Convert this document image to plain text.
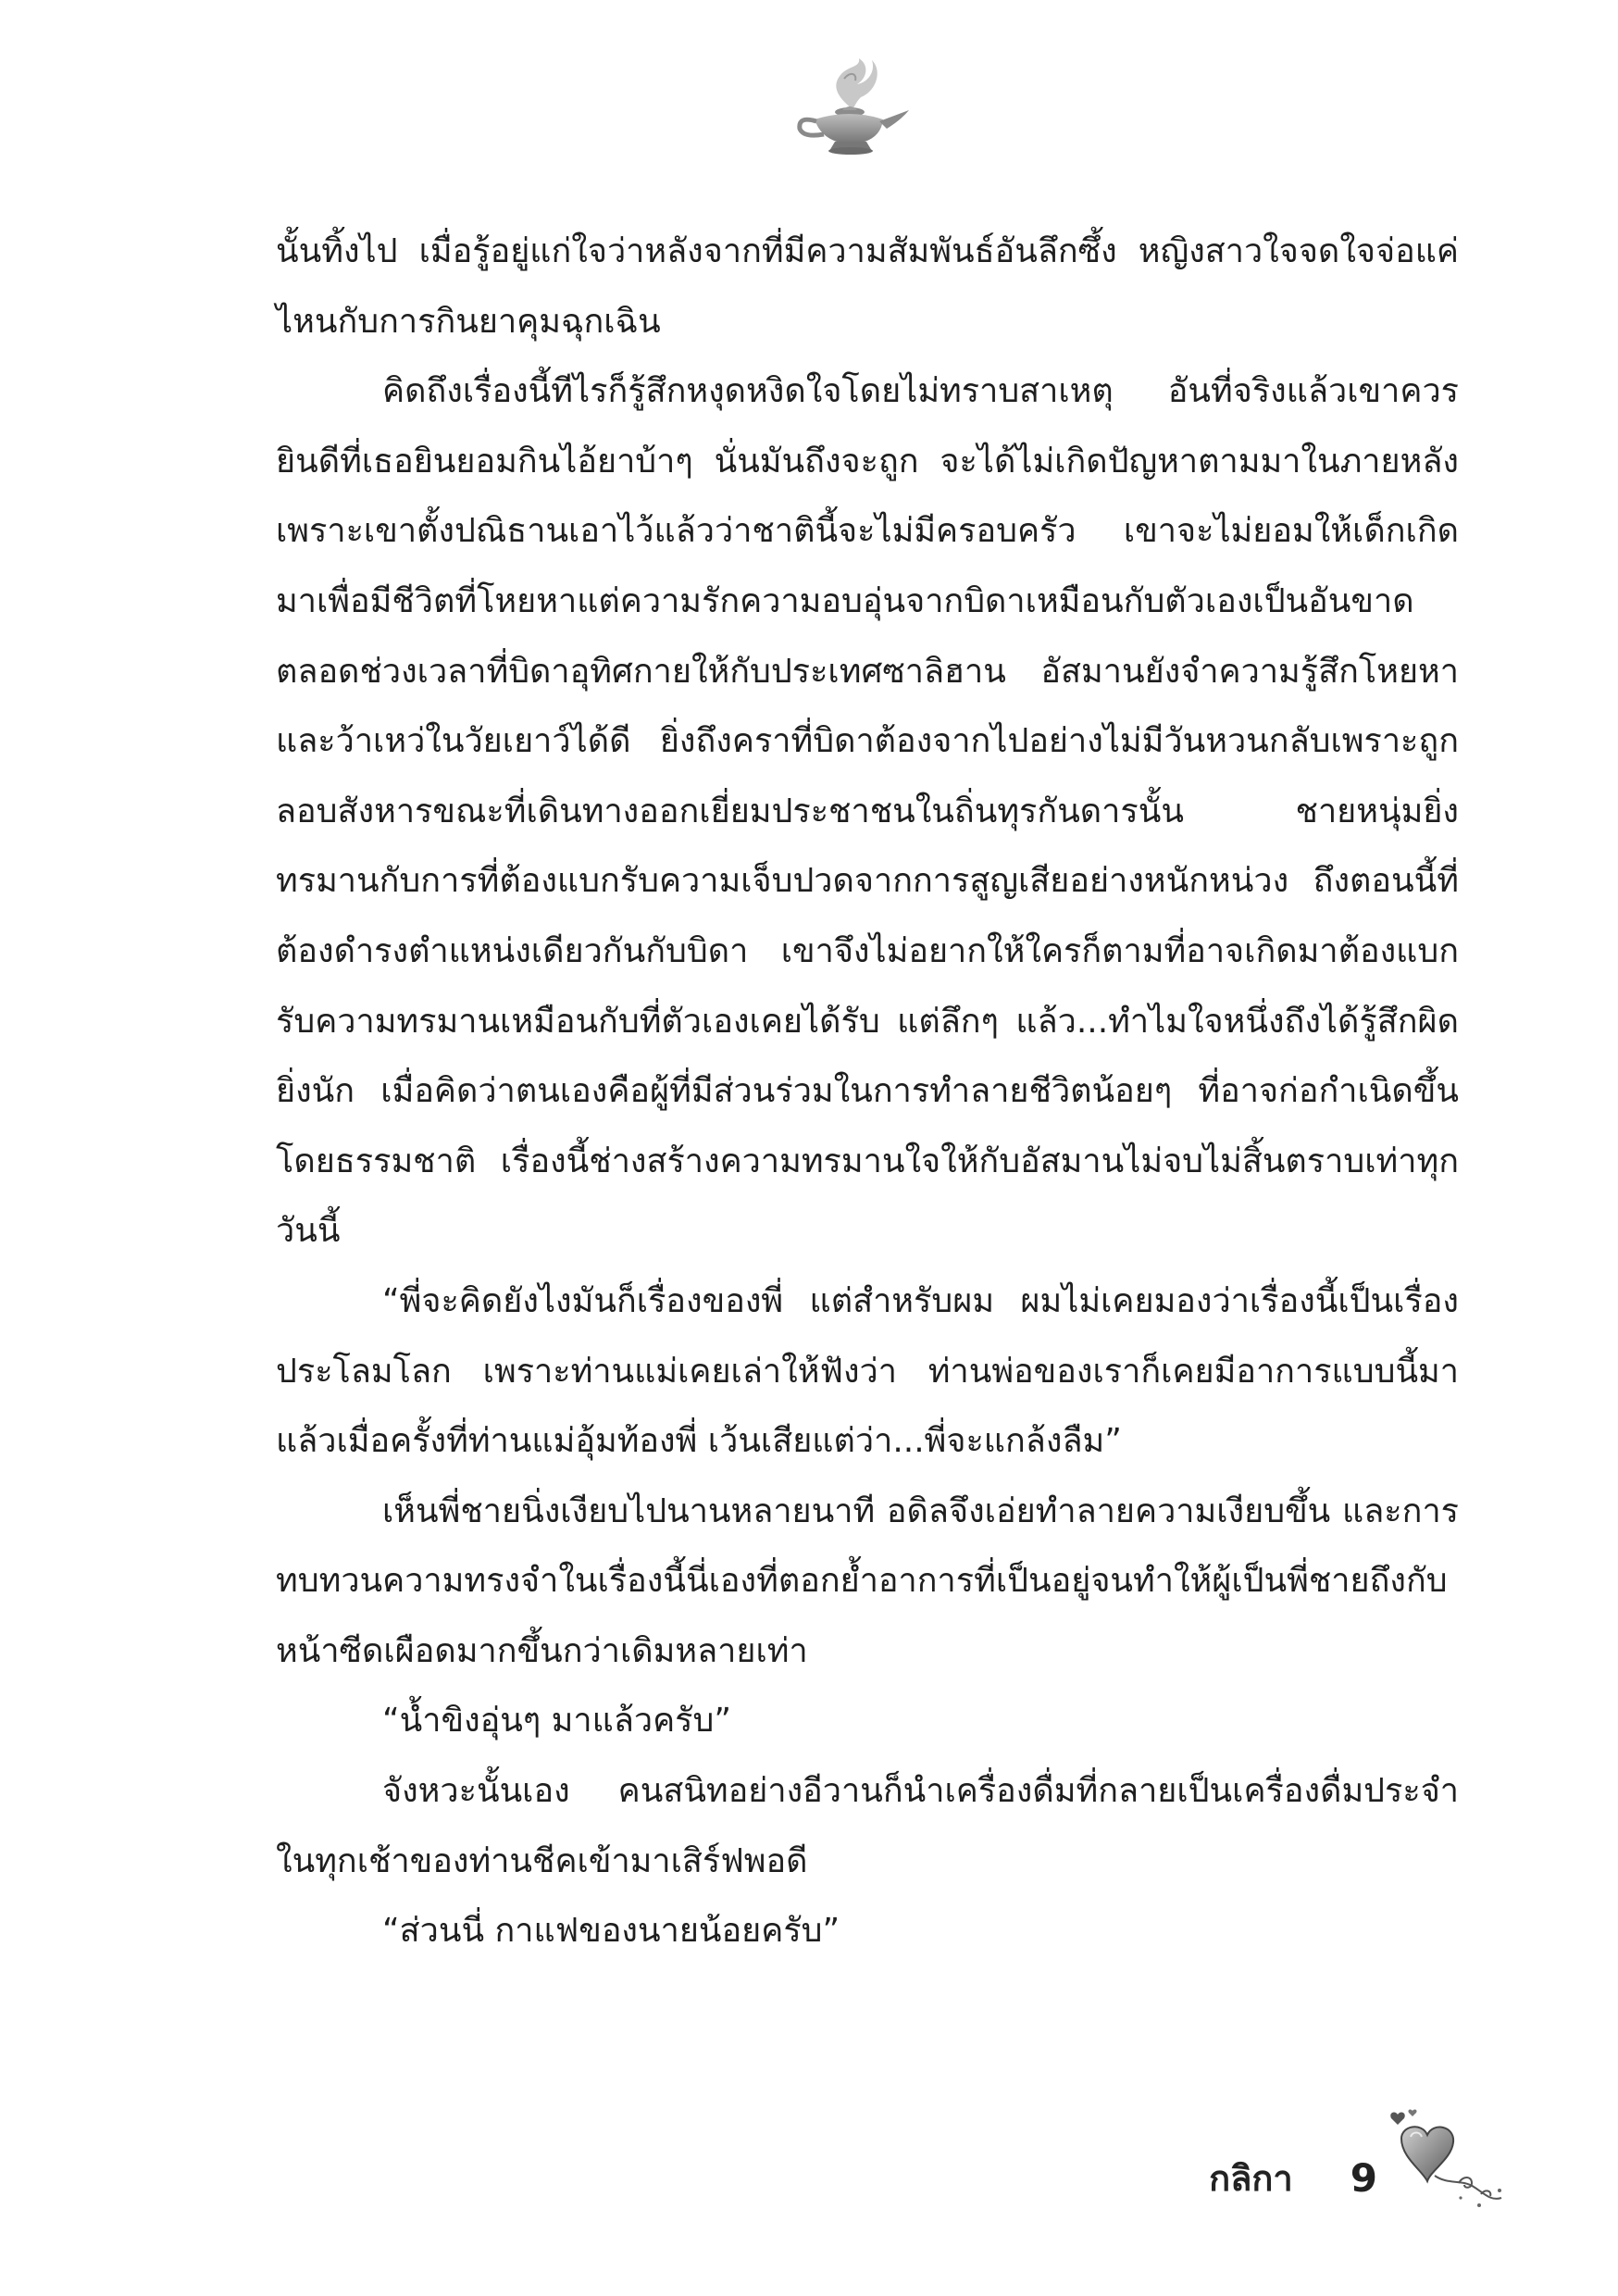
นั้นทิ้งไป เมื่อรู้อยู่แก่ใจว่าหลังจากที่มีความสัมพันธ์อันลึกซึ้ง หญิงสาวใจจดใจจ่อแค่ไหนกับการกินยาคุมฉุกเฉิน

คิดถึงเรื่องนี้ทีไรก็รู้สึกหงุดหงิดใจโดยไม่ทราบสาเหตุ อันที่จริงแล้วเขาควรยินดีที่เธอยินยอมกินไอ้ยาบ้าๆ นั่นมันถึงจะถูก จะได้ไม่เกิดปัญหาตามมาในภายหลัง เพราะเขาตั้งปณิธานเอาไว้แล้วว่าชาตินี้จะไม่มีครอบครัว เขาจะไม่ยอมให้เด็กเกิดมาเพื่อมีชีวิตที่โหยหาแต่ความรักความอบอุ่นจากบิดาเหมือนกับตัวเองเป็นอันขาด ตลอดช่วงเวลาที่บิดาอุทิศกายให้กับประเทศซาลิฮาน อัสมานยังจำความรู้สึกโหยหาและว้าเหว่ในวัยเยาว์ได้ดี ยิ่งถึงคราที่บิดาต้องจากไปอย่างไม่มีวันหวนกลับเพราะถูกลอบสังหารขณะที่เดินทางออกเยี่ยมประชาชนในถิ่นทุรกันดารนั้น ชายหนุ่มยิ่งทรมานกับการที่ต้องแบกรับความเจ็บปวดจากการสูญเสียอย่างหนักหน่วง ถึงตอนนี้ที่ต้องดำรงตำแหน่งเดียวกันกับบิดา เขาจึงไม่อยากให้ใครก็ตามที่อาจเกิดมาต้องแบกรับความทรมานเหมือนกับที่ตัวเองเคยได้รับ แต่ลึกๆ แล้ว...ทำไมใจหนึ่งถึงได้รู้สึกผิดยิ่งนัก เมื่อคิดว่าตนเองคือผู้ที่มีส่วนร่วมในการทำลายชีวิตน้อยๆ ที่อาจก่อกำเนิดขึ้นโดยธรรมชาติ เรื่องนี้ช่างสร้างความทรมานใจให้กับอัสมานไม่จบไม่สิ้นตราบเท่าทุกวันนี้

“พี่จะคิดยังไงมันก็เรื่องของพี่ แต่สำหรับผม ผมไม่เคยมองว่าเรื่องนี้เป็นเรื่องประโลมโลก เพราะท่านแม่เคยเล่าให้ฟังว่า ท่านพ่อของเราก็เคยมีอาการแบบนี้มาแล้วเมื่อครั้งที่ท่านแม่อุ้มท้องพี่ เว้นเสียแต่ว่า...พี่จะแกล้งลืม”

เห็นพี่ชายนิ่งเงียบไปนานหลายนาที อดิลจึงเอ่ยทำลายความเงียบขึ้น และการทบทวนความทรงจำในเรื่องนี้นี่เองที่ตอกย้ำอาการที่เป็นอยู่จนทำให้ผู้เป็นพี่ชายถึงกับหน้าซีดเผือดมากขึ้นกว่าเดิมหลายเท่า

“น้ำขิงอุ่นๆ มาแล้วครับ”

จังหวะนั้นเอง คนสนิทอย่างอีวานก็นำเครื่องดื่มที่กลายเป็นเครื่องดื่มประจำในทุกเช้าของท่านชีคเข้ามาเสิร์ฟพอดี

“ส่วนนี่ กาแฟของนายน้อยครับ”

กลิกา 9
